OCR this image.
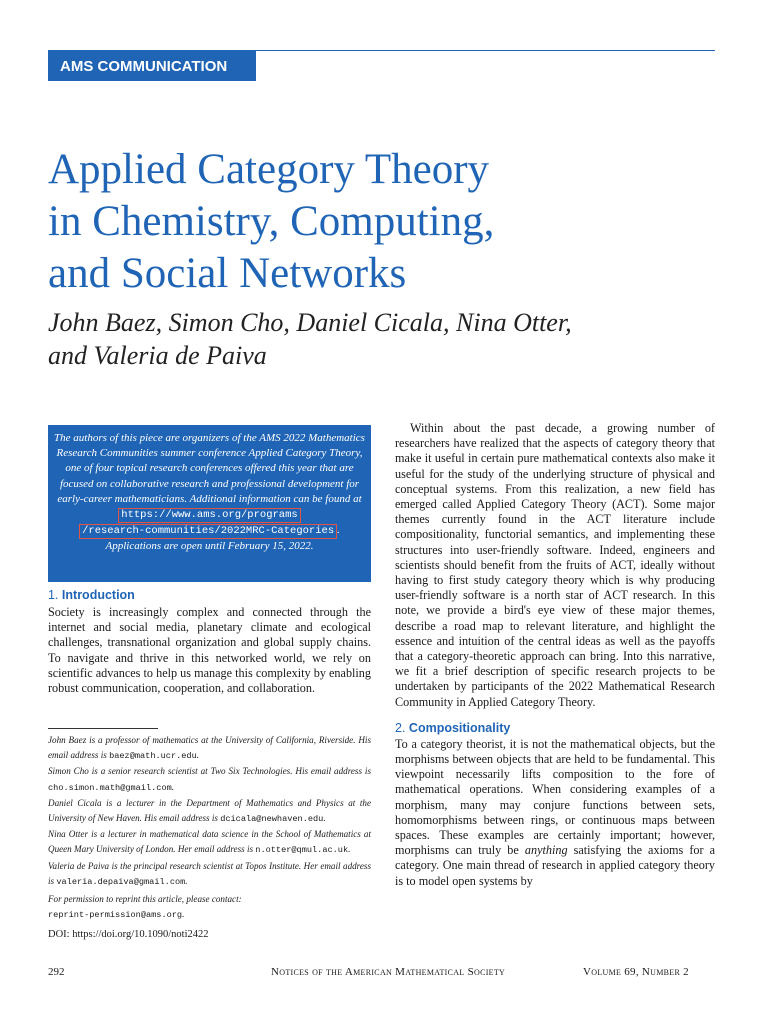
AMS COMMUNICATION
Applied Category Theory
in Chemistry, Computing,
and Social Networks
John Baez, Simon Cho, Daniel Cicala, Nina Otter,
and Valeria de Paiva
The authors of this piece are organizers of the AMS 2022 Mathematics Research Communities summer conference Applied Category Theory, one of four topical research conferences offered this year that are focused on collaborative research and professional development for early-career mathematicians. Additional information can be found at https://www.ams.org/programs
/research-communities/2022MRC-Categories . Applications are open until February 15, 2022.
1. Introduction

Society is increasingly complex and connected through the internet and social media, planetary climate and ecological challenges, transnational organization and global supply chains. To navigate and thrive in this networked world, we rely on scientific advances to help us manage this complexity by enabling robust communication, cooperation, and collaboration.

John Baez is a professor of mathematics at the University of California, Riverside. His email address is baez@math.ucr.edu.
Simon Cho is a senior research scientist at Two Six Technologies. His email address is cho.simon.math@gmail.com.
Daniel Cicala is a lecturer in the Department of Mathematics and Physics at the University of New Haven. His email address is dcicala@newhaven.edu.
Nina Otter is a lecturer in mathematical data science in the School of Mathematics at Queen Mary University of London. Her email address is n.otter@qmul.ac.uk.
Valeria de Paiva is the principal research scientist at Topos Institute. Her email address is valeria.depaiva@gmail.com.
For permission to reprint this article, please contact:
reprint-permission@ams.org.
DOI: https://doi.org/10.1090/noti2422

Within about the past decade, a growing number of researchers have realized that the aspects of category theory that make it useful in certain pure mathematical contexts also make it useful for the study of the underlying structure of physical and conceptual systems. From this realization, a new field has emerged called Applied Category Theory (ACT). Some major themes currently found in the ACT literature include compositionality, functorial semantics, and implementing these structures into user-friendly software. Indeed, engineers and scientists should benefit from the fruits of ACT, ideally without having to first study category theory which is why producing user-friendly software is a north star of ACT research. In this note, we provide a bird's eye view of these major themes, describe a road map to relevant literature, and highlight the essence and intuition of the central ideas as well as the payoffs that a category-theoretic approach can bring. Into this narrative, we fit a brief description of specific research projects to be undertaken by participants of the 2022 Mathematical Research Community in Applied Category Theory.

2. Compositionality

To a category theorist, it is not the mathematical objects, but the morphisms between objects that are held to be fundamental. This viewpoint necessarily lifts composition to the fore of mathematical operations. When considering examples of a morphism, many may conjure functions between sets, homomorphisms between rings, or continuous maps between spaces. These examples are certainly important; however, morphisms can truly be anything satisfying the axioms for a category. One main thread of research in applied category theory is to model open systems by

292	Notices of the American Mathematical Society	Volume 69, Number 2
